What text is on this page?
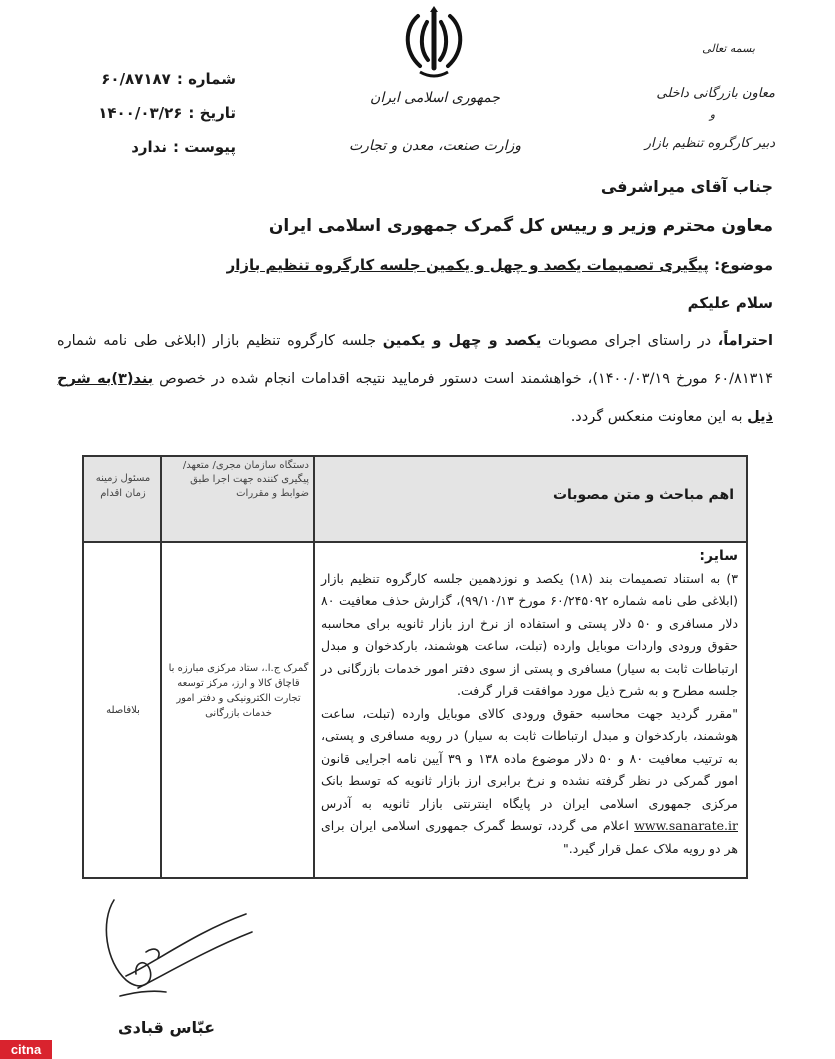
جمهوری اسلامی ایران
وزارت صنعت، معدن و تجارت
بسمه تعالی
معاون بازرگانی داخلی
و
دبیر کارگروه تنظیم بازار
شماره :۶۰/۸۷۱۸۷
تاریخ :۱۴۰۰/۰۳/۲۶
پیوست :ندارد
جناب آقای میراشرفی
معاون محترم وزیر و رییس کل گمرک جمهوری اسلامی ایران
موضوع: پیگیری تصمیمات یکصد و چهل و یکمین جلسه کارگروه تنظیم بازار
سلام علیکم
احتراماً، در راستای اجرای مصوبات یکصد و چهل و یکمین جلسه کارگروه تنظیم بازار (ابلاغی طی نامه شماره ۶۰/۸۱۳۱۴ مورخ ۱۴۰۰/۰۳/۱۹)، خواهشمند است دستور فرمایید نتیجه اقدامات انجام شده در خصوص بند(۳)به شرح ذیل به این معاونت منعکس گردد.
اهم مباحث و متن مصوبات
دستگاه سازمان مجری/ متعهد/ پیگیری کننده جهت اجرا طبق ضوابط و مقررات
مسئول زمینه زمان اقدام
سایر:
۳) به استناد تصمیمات بند (۱۸) یکصد و نوزدهمین جلسه کارگروه تنظیم بازار (ابلاغی طی نامه شماره ۶۰/۲۴۵۰۹۲ مورخ ۹۹/۱۰/۱۳)، گزارش حذف معافیت ۸۰ دلار مسافری و ۵۰ دلار پستی و استفاده از نرخ ارز بازار ثانویه برای محاسبه حقوق ورودی واردات موبایل وارده (تبلت، ساعت هوشمند، بارکدخوان و مبدل ارتباطات ثابت به سیار) مسافری و پستی از سوی دفتر امور خدمات بازرگانی در جلسه مطرح و به شرح ذیل مورد موافقت قرار گرفت.
"مقرر گردید جهت محاسبه حقوق ورودی کالای موبایل وارده (تبلت، ساعت هوشمند، بارکدخوان و مبدل ارتباطات ثابت به سیار) در رویه مسافری و پستی، به ترتیب معافیت ۸۰ و ۵۰ دلار موضوع ماده ۱۳۸ و ۳۹ آیین نامه اجرایی قانون امور گمرکی در نظر گرفته نشده و نرخ برابری ارز بازار ثانویه که توسط بانک مرکزی جمهوری اسلامی ایران در پایگاه اینترنتی بازار ثانویه به آدرس www.sanarate.ir اعلام می گردد، توسط گمرک جمهوری اسلامی ایران برای هر دو رویه ملاک عمل قرار گیرد."
گمرک ج.ا.، ستاد مرکزی مبارزه با قاچاق کالا و ارز، مرکز توسعه تجارت الکترونیکی و دفتر امور خدمات بازرگانی
بلافاصله
عبّاس قبادی
citna
